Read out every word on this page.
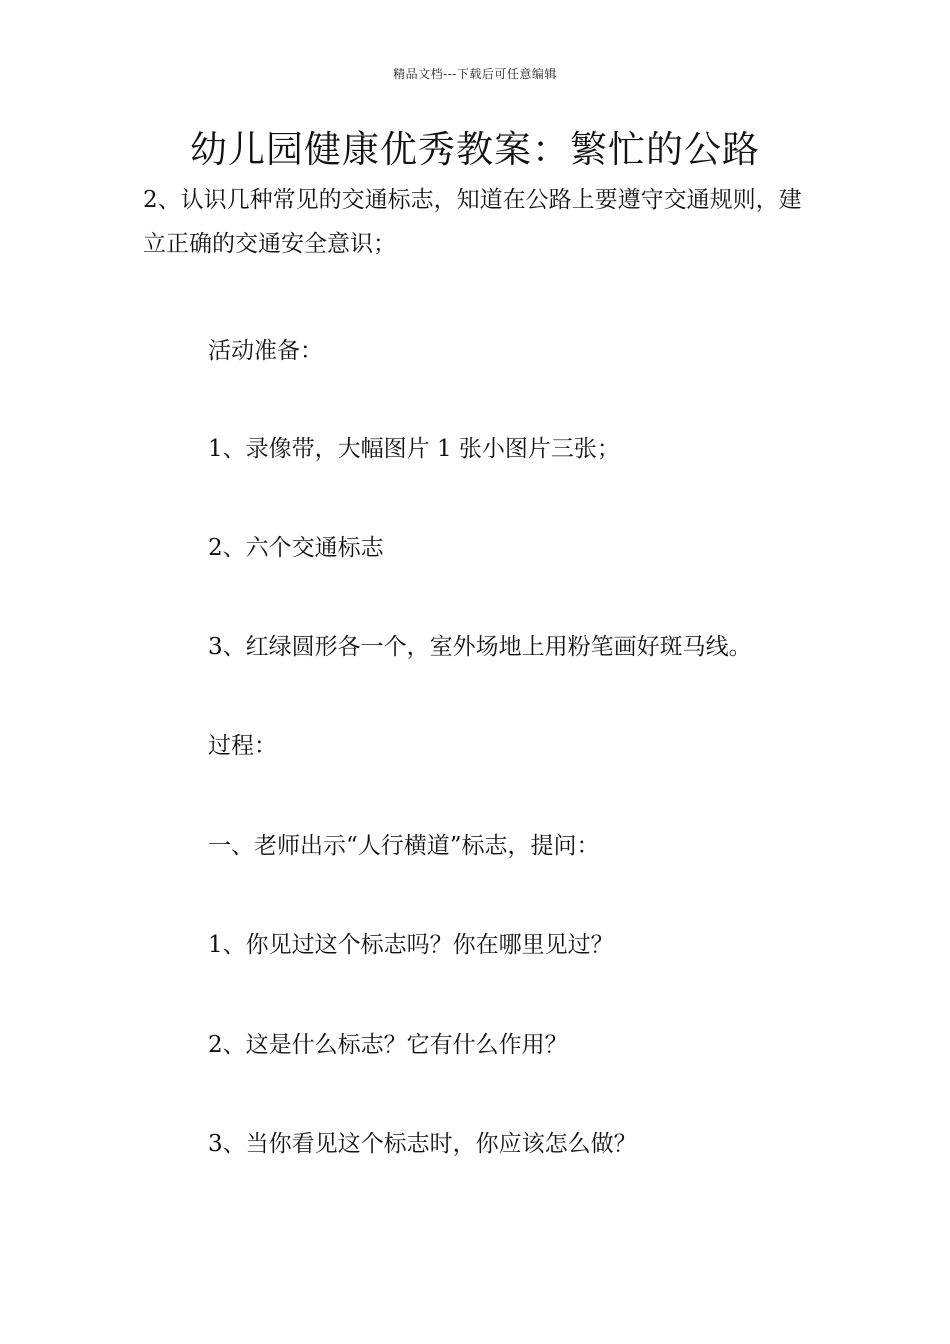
精品文档---下载后可任意编辑
幼儿园健康优秀教案：繁忙的公路

2、认识几种常见的交通标志，知道在公路上要遵守交通规则，建立正确的交通安全意识；

活动准备：

1、录像带，大幅图片 1 张小图片三张；

2、六个交通标志

3、红绿圆形各一个，室外场地上用粉笔画好斑马线。

过程：

一、老师出示“人行横道”标志，提问：

1、你见过这个标志吗？你在哪里见过？

2、这是什么标志？它有什么作用？

3、当你看见这个标志时，你应该怎么做？
